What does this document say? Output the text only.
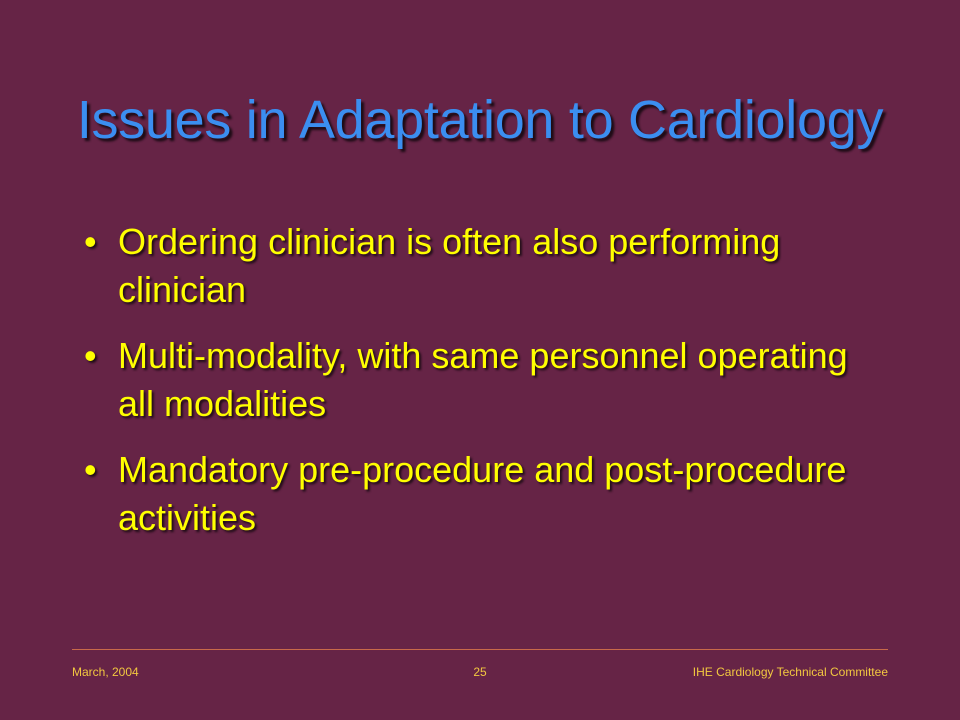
Issues in Adaptation to Cardiology
• Ordering clinician is often also performing clinician
• Multi-modality, with same personnel operating all modalities
• Mandatory pre-procedure and post-procedure activities
March, 2004	25	IHE Cardiology Technical Committee
